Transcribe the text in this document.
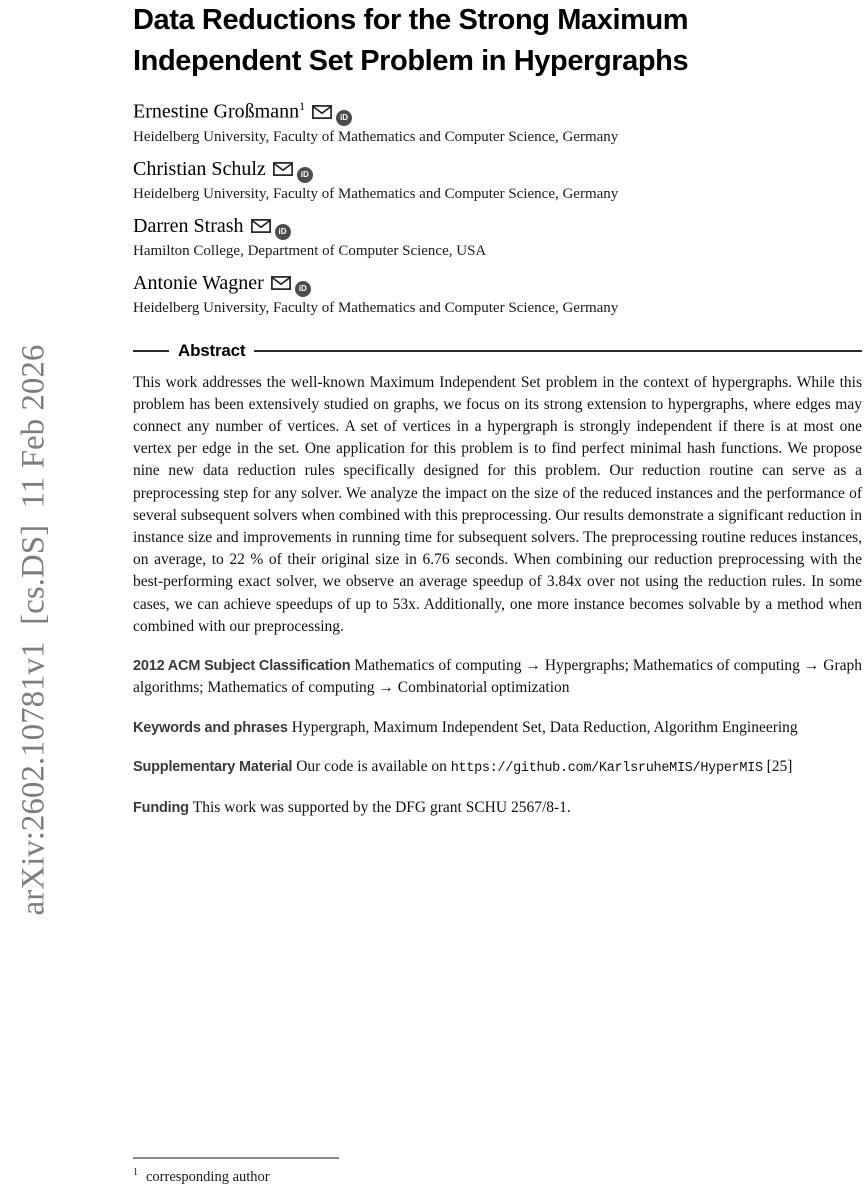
arXiv:2602.10781v1  [cs.DS]  11 Feb 2026
Data Reductions for the Strong Maximum Independent Set Problem in Hypergraphs
Ernestine Großmann$^1$iD
Heidelberg University, Faculty of Mathematics and Computer Science, Germany
Christian Schulz	iD
Heidelberg University, Faculty of Mathematics and Computer Science, Germany
Darren Strash	iD
Hamilton College, Department of Computer Science, USA
Antonie Wagner	iD
Heidelberg University, Faculty of Mathematics and Computer Science, Germany
Abstract

This work addresses the well-known Maximum Independent Set problem in the context of hypergraphs. While this problem has been extensively studied on graphs, we focus on its strong extension to hypergraphs, where edges may connect any number of vertices. A set of vertices in a hypergraph is strongly independent if there is at most one vertex per edge in the set. One application for this problem is to find perfect minimal hash functions. We propose nine new data reduction rules specifically designed for this problem. Our reduction routine can serve as a preprocessing step for any solver. We analyze the impact on the size of the reduced instances and the performance of several subsequent solvers when combined with this preprocessing. Our results demonstrate a significant reduction in instance size and improvements in running time for subsequent solvers. The preprocessing routine reduces instances, on average, to 22 % of their original size in 6.76 seconds. When combining our reduction preprocessing with the best-performing exact solver, we observe an average speedup of 3.84x over not using the reduction rules. In some cases, we can achieve speedups of up to 53x. Additionally, one more instance becomes solvable by a method when combined with our preprocessing.

2012 ACM Subject Classification Mathematics of computing → Hypergraphs; Mathematics of computing → Graph algorithms; Mathematics of computing → Combinatorial optimization

Keywords and phrases Hypergraph, Maximum Independent Set, Data Reduction, Algorithm Engineering

Supplementary Material Our code is available on https://github.com/KarlsruheMIS/HyperMIS [25]

Funding This work was supported by the DFG grant SCHU 2567/8-1.

$^1$ corresponding author
